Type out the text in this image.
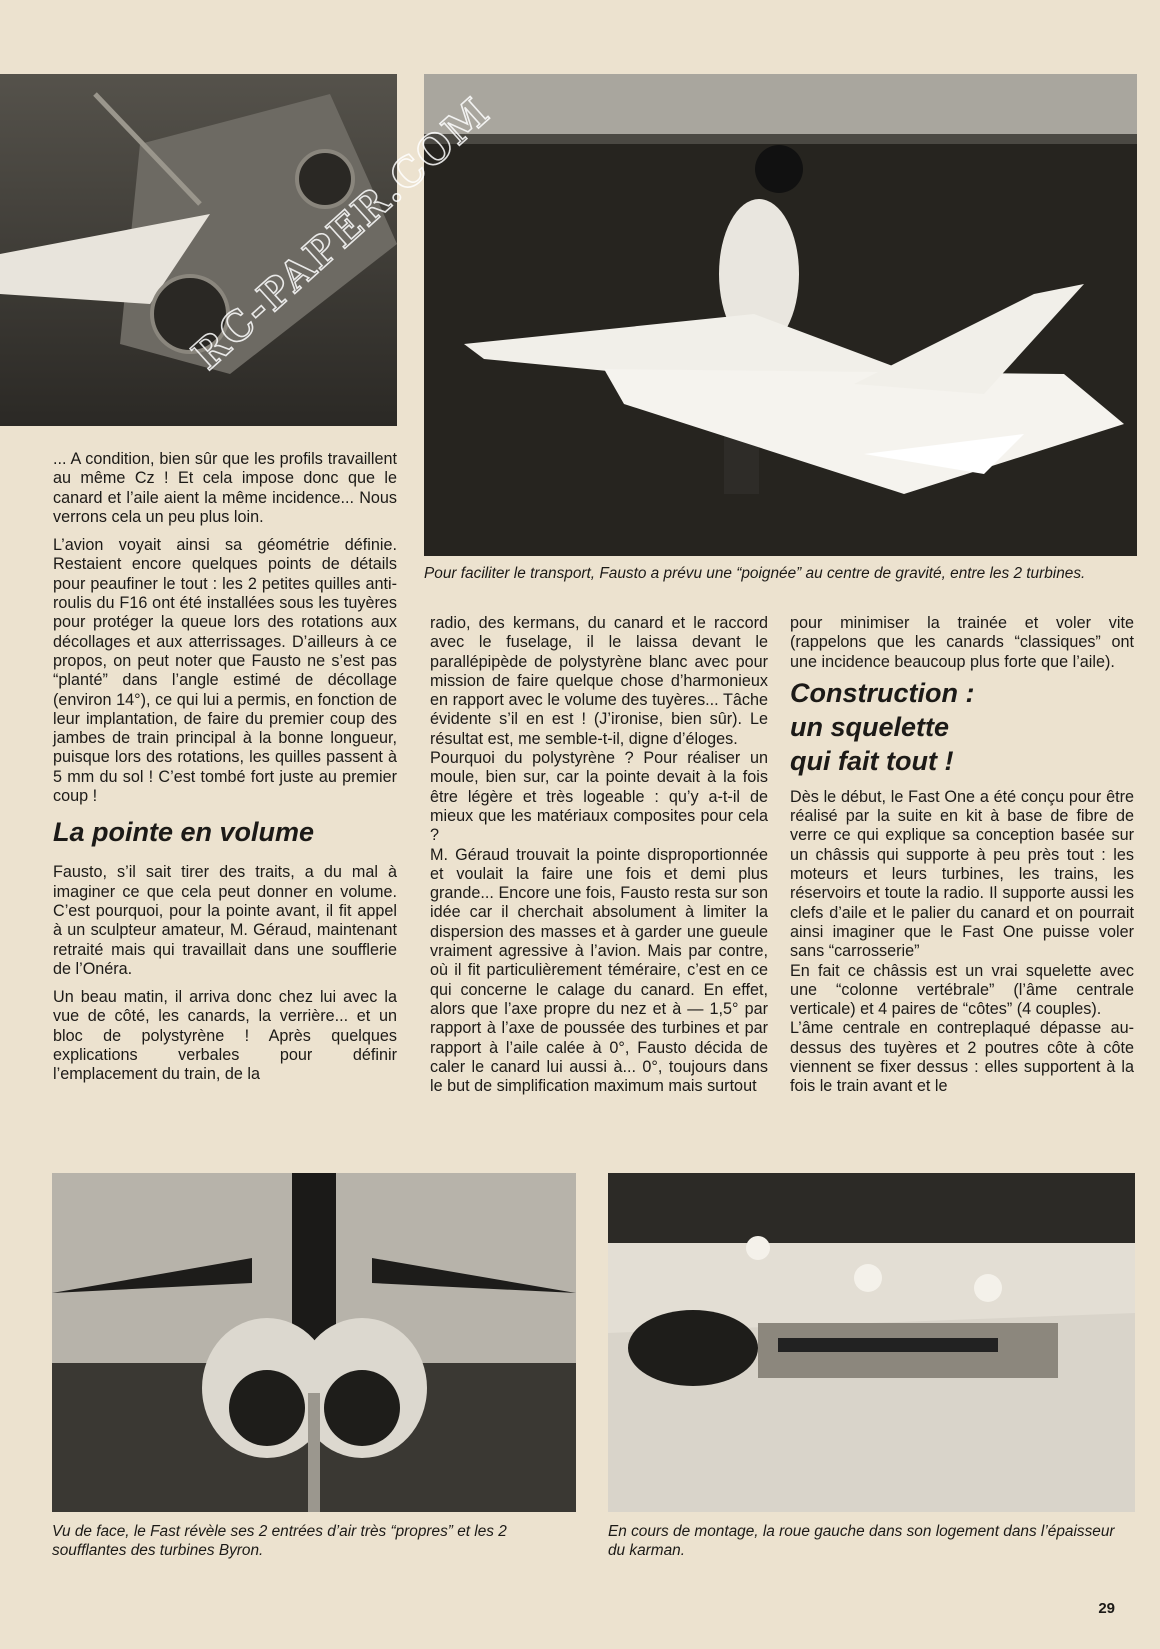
Pour faciliter le transport, Fausto a prévu une “poignée” au centre de gravité, entre les 2 turbines.

... A condition, bien sûr que les profils travaillent au même Cz ! Et cela impose donc que le canard et l’aile aient la même incidence... Nous verrons cela un peu plus loin.

L’avion voyait ainsi sa géométrie définie. Restaient encore quelques points de détails pour peaufiner le tout : les 2 petites quilles anti-roulis du F16 ont été installées sous les tuyères pour protéger la queue lors des rotations aux décollages et aux atterrissages. D’ailleurs à ce propos, on peut noter que Fausto ne s’est pas “planté” dans l’angle estimé de décollage (environ 14°), ce qui lui a permis, en fonction de leur implantation, de faire du premier coup des jambes de train principal à la bonne longueur, puisque lors des rotations, les quilles passent à 5 mm du sol ! C’est tombé fort juste au premier coup !

La pointe en volume

Fausto, s’il sait tirer des traits, a du mal à imaginer ce que cela peut donner en volume. C’est pourquoi, pour la pointe avant, il fit appel à un sculpteur amateur, M. Géraud, maintenant retraité mais qui travaillait dans une soufflerie de l’Onéra.

Un beau matin, il arriva donc chez lui avec la vue de côté, les canards, la verrière... et un bloc de polystyrène ! Après quelques explications verbales pour définir l’emplacement du train, de la

radio, des kermans, du canard et le raccord avec le fuselage, il le laissa devant le parallépipède de polystyrène blanc avec pour mission de faire quelque chose d’harmonieux en rapport avec le volume des tuyères... Tâche évidente s’il en est ! (J’ironise, bien sûr). Le résultat est, me semble-t-il, digne d’éloges.

Pourquoi du polystyrène ? Pour réaliser un moule, bien sur, car la pointe devait à la fois être légère et très logeable : qu’y a-t-il de mieux que les matériaux composites pour cela ?

M. Géraud trouvait la pointe disproportionnée et voulait la faire une fois et demi plus grande... Encore une fois, Fausto resta sur son idée car il cherchait absolument à limiter la dispersion des masses et à garder une gueule vraiment agressive à l’avion. Mais par contre, où il fit particulièrement téméraire, c’est en ce qui concerne le calage du canard. En effet, alors que l’axe propre du nez et à — 1,5° par rapport à l’axe de poussée des turbines et par rapport à l’aile calée à 0°, Fausto décida de caler le canard lui aussi à... 0°, toujours dans le but de simplification maximum mais surtout

pour minimiser la trainée et voler vite (rappelons que les canards “classiques” ont une incidence beaucoup plus forte que l’aile).

Construction :
un squelette
qui fait tout !

Dès le début, le Fast One a été conçu pour être réalisé par la suite en kit à base de fibre de verre ce qui explique sa conception basée sur un châssis qui supporte à peu près tout : les moteurs et leurs turbines, les trains, les réservoirs et toute la radio. Il supporte aussi les clefs d’aile et le palier du canard et on pourrait ainsi imaginer que le Fast One puisse voler sans “carrosserie”

En fait ce châssis est un vrai squelette avec une “colonne vertébrale” (l’âme centrale verticale) et 4 paires de “côtes” (4 couples).

L’âme centrale en contreplaqué dépasse au-dessus des tuyères et 2 poutres côte à côte viennent se fixer dessus : elles supportent à la fois le train avant et le

Vu de face, le Fast révèle ses 2 entrées d’air très “propres” et les 2 soufflantes des turbines Byron.
En cours de montage, la roue gauche dans son logement dans l’épaisseur du karman.
29
